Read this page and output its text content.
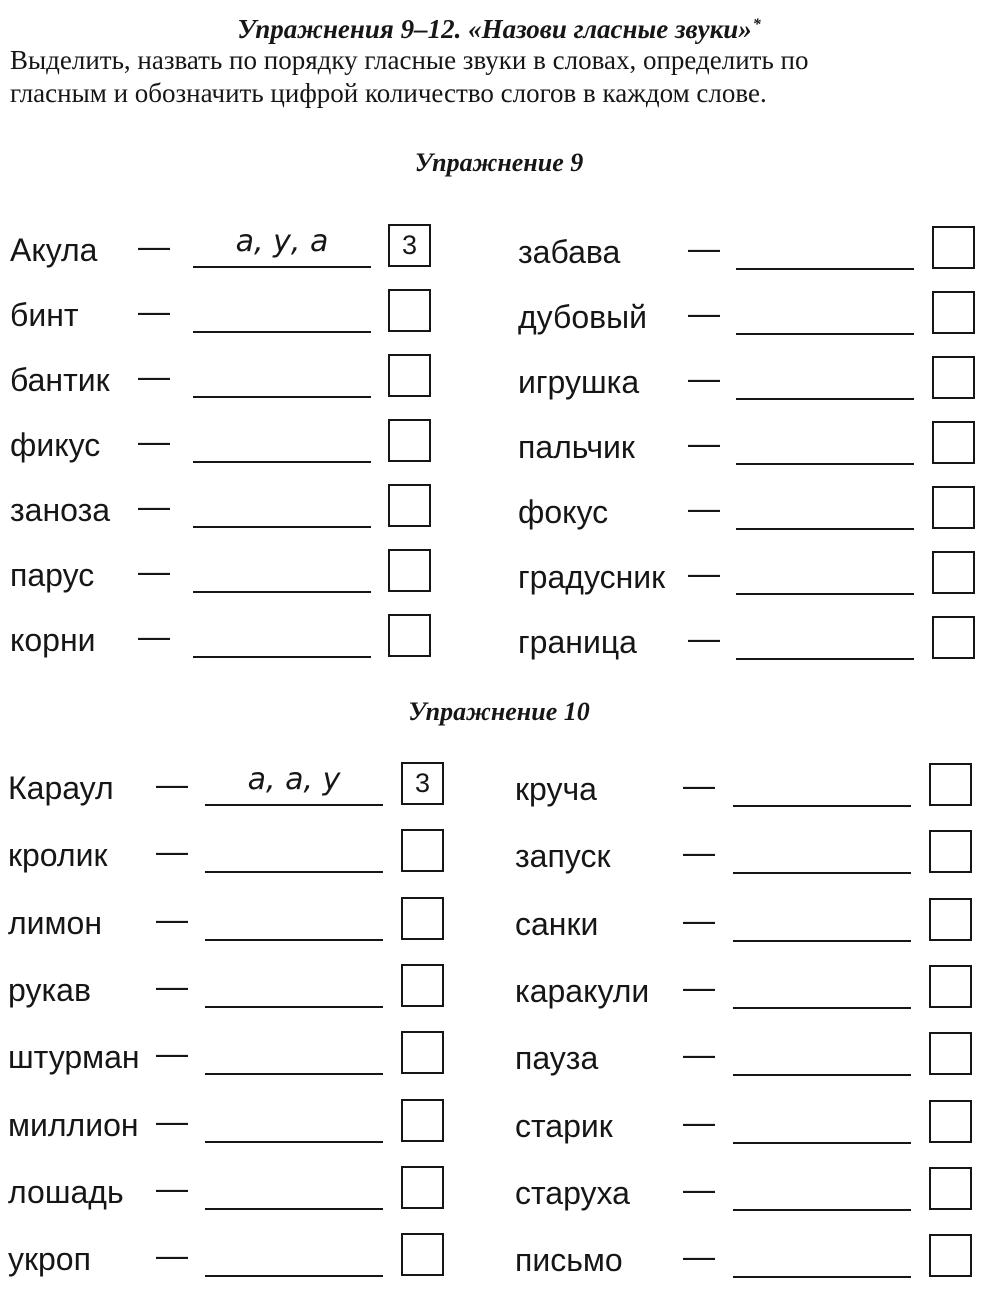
Упражнения 9–12. «Назови гласные звуки»*
Выделить, назвать по порядку гласные звуки в словах, определить по
гласным и обозначить цифрой количество слогов в каждом слове.
Упражнение 9
Упражнение 10
Акула —	а, у, а	3
бинт —
бантик —
фикус —
заноза —
парус —
корни —
забава —
дубовый —
игрушка —
пальчик —
фокус —
градусник —
граница —
Караул —	а, а, у	3
кролик —
лимон —
рукав —
штурман —
миллион —
лошадь —
укроп —
круча	—
запуск —
санки	—
каракули —
пауза	—
старик —
старуха —
письмо —
